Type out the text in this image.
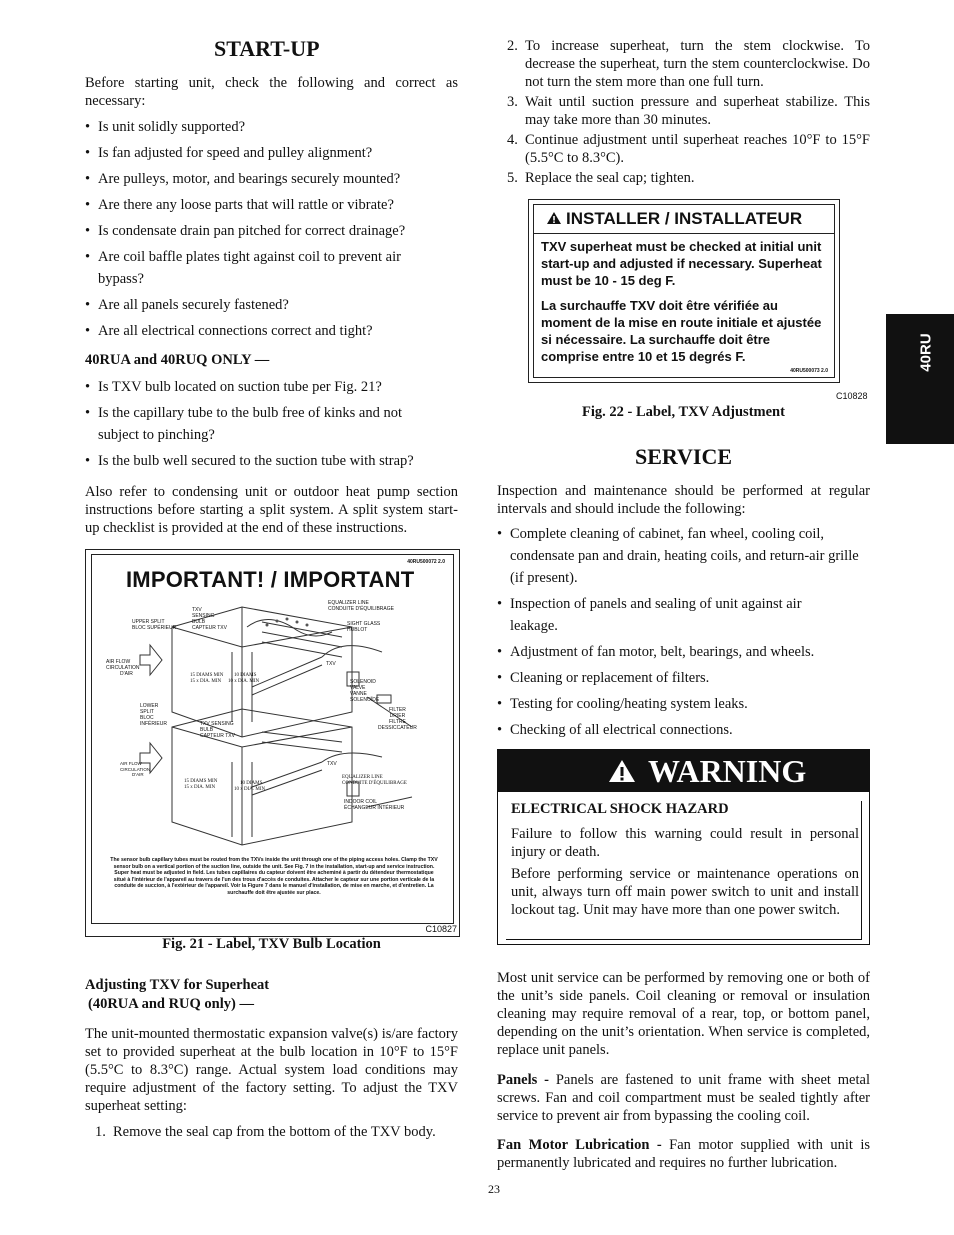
START-UP

Before starting unit, check the following and correct as necessary:

• Is unit solidly supported?
• Is fan adjusted for speed and pulley alignment?
• Are pulleys, motor, and bearings securely mounted?
• Are there any loose parts that will rattle or vibrate?
• Is condensate drain pan pitched for correct drainage?
• Are coil baffle plates tight against coil to prevent air bypass?
• Are all panels securely fastened?
• Are all electrical connections correct and tight?
40RUA and 40RUQ ONLY —
• Is TXV bulb located on suction tube per Fig. 21?
• Is the capillary tube to the bulb free of kinks and not subject to pinching?
• Is the bulb well secured to the suction tube with strap?

Also refer to condensing unit or outdoor heat pump section instructions before starting a split system. A split system start-up checklist is provided at the end of these instructions.

40RU500072 2.0
IMPORTANT! / IMPORTANT
UPPER SPLIT
BLOC SUPÉRIEUR
TXV
SENSING
BULB
CAPTEUR TXV
EQUALIZER LINE
CONDUITE D'ÉQUILIBRAGE
SIGHT GLASS
HUBLOT
AIR FLOW
CIRCULATION
D'AIR	15 DIAMS MIN
15 x DIA. MIN
10 DIAMS
10 x DIA. MIN
TXV
SOLENOID
VALVE
VANNE
SOLENOÏDE
FILTER
DRIER
FILTRE
DESSICCATEUR
LOWER
SPLIT
BLOC
INFÉRIEUR	TXV SENSING
BULB
CAPTEUR TXV
AIR FLOW
CIRCULATION
D'AIR
15 DIAMS MIN
15 x DIA. MIN
10 DIAMS
10 x DIA. MIN
TXV
EQUALIZER LINE
CONDUITE D'ÉQUILIBRAGE
INDOOR COIL
ÉCHANGEUR INTÉRIEUR
The sensor bulb capillary tubes must be routed from the TXVs inside the unit through one of the piping access holes. Clamp the TXV sensor bulb on a vertical portion of the suction line, outside the unit. See Fig. 7 in the installation, start-up and service instruction. Super heat must be adjusted in field. Les tubes capillaires du capteur doivent être acheminé à partir du détendeur thermostatique situé à l'intérieur de l'appareil au travers de l'un des trous d'accès de conduites. Attacher le capteur sur une portion verticale de la conduite de succion, à l'extérieur de l'appareil. Voir la Figure 7 dans le manuel d'installation, de mise en marche, et d'entretien. La surchauffe doit être ajustée sur place.
C10827
Fig. 21 - Label, TXV Bulb Location
Adjusting TXV for Superheat
(40RUA and RUQ only) —

The unit-mounted thermostatic expansion valve(s) is/are factory set to provided superheat at the bulb location in 10°F to 15°F (5.5°C to 8.3°C) range. Actual system load conditions may require adjustment of the factory setting. To adjust the TXV superheat setting:

1. Remove the seal cap from the bottom of the TXV body.
2. To increase superheat, turn the stem clockwise. To decrease the superheat, turn the stem counterclockwise. Do not turn the stem more than one full turn.
3. Wait until suction pressure and superheat stabilize. This may take more than 30 minutes.
4. Continue adjustment until superheat reaches 10°F to 15°F (5.5°C to 8.3°C).
5. Replace the seal cap; tighten.
INSTALLER / INSTALLATEUR

TXV superheat must be checked at initial unit start-up and adjusted if necessary. Superheat must be 10 - 15 deg F.

La surchauffe TXV doit être vérifiée au moment de la mise en route initiale et ajustée si nécessaire. La surchauffe doit être comprise entre 10 et 15 degrés F.

40RU500073 2.0
C10828
Fig. 22 - Label, TXV Adjustment
40RU
SERVICE

Inspection and maintenance should be performed at regular intervals and should include the following:

• Complete cleaning of cabinet, fan wheel, cooling coil, condensate pan and drain, heating coils, and return-air grille (if present).
• Inspection of panels and sealing of unit against air leakage.
• Adjustment of fan motor, belt, bearings, and wheels.
• Cleaning or replacement of filters.
• Testing for cooling/heating system leaks.
• Checking of all electrical connections.
WARNING
ELECTRICAL SHOCK HAZARD

Failure to follow this warning could result in personal injury or death.

Before performing service or maintenance operations on unit, always turn off main power switch to unit and install lockout tag. Unit may have more than one power switch.

Most unit service can be performed by removing one or both of the unit’s side panels. Coil cleaning or removal or insulation cleaning may require removal of a rear, top, or bottom panel, depending on the unit’s orientation. When service is completed, replace unit panels.

Panels - Panels are fastened to unit frame with sheet metal screws. Fan and coil compartment must be sealed tightly after service to prevent air from bypassing the cooling coil.

Fan Motor Lubrication - Fan motor supplied with unit is permanently lubricated and requires no further lubrication.

23
